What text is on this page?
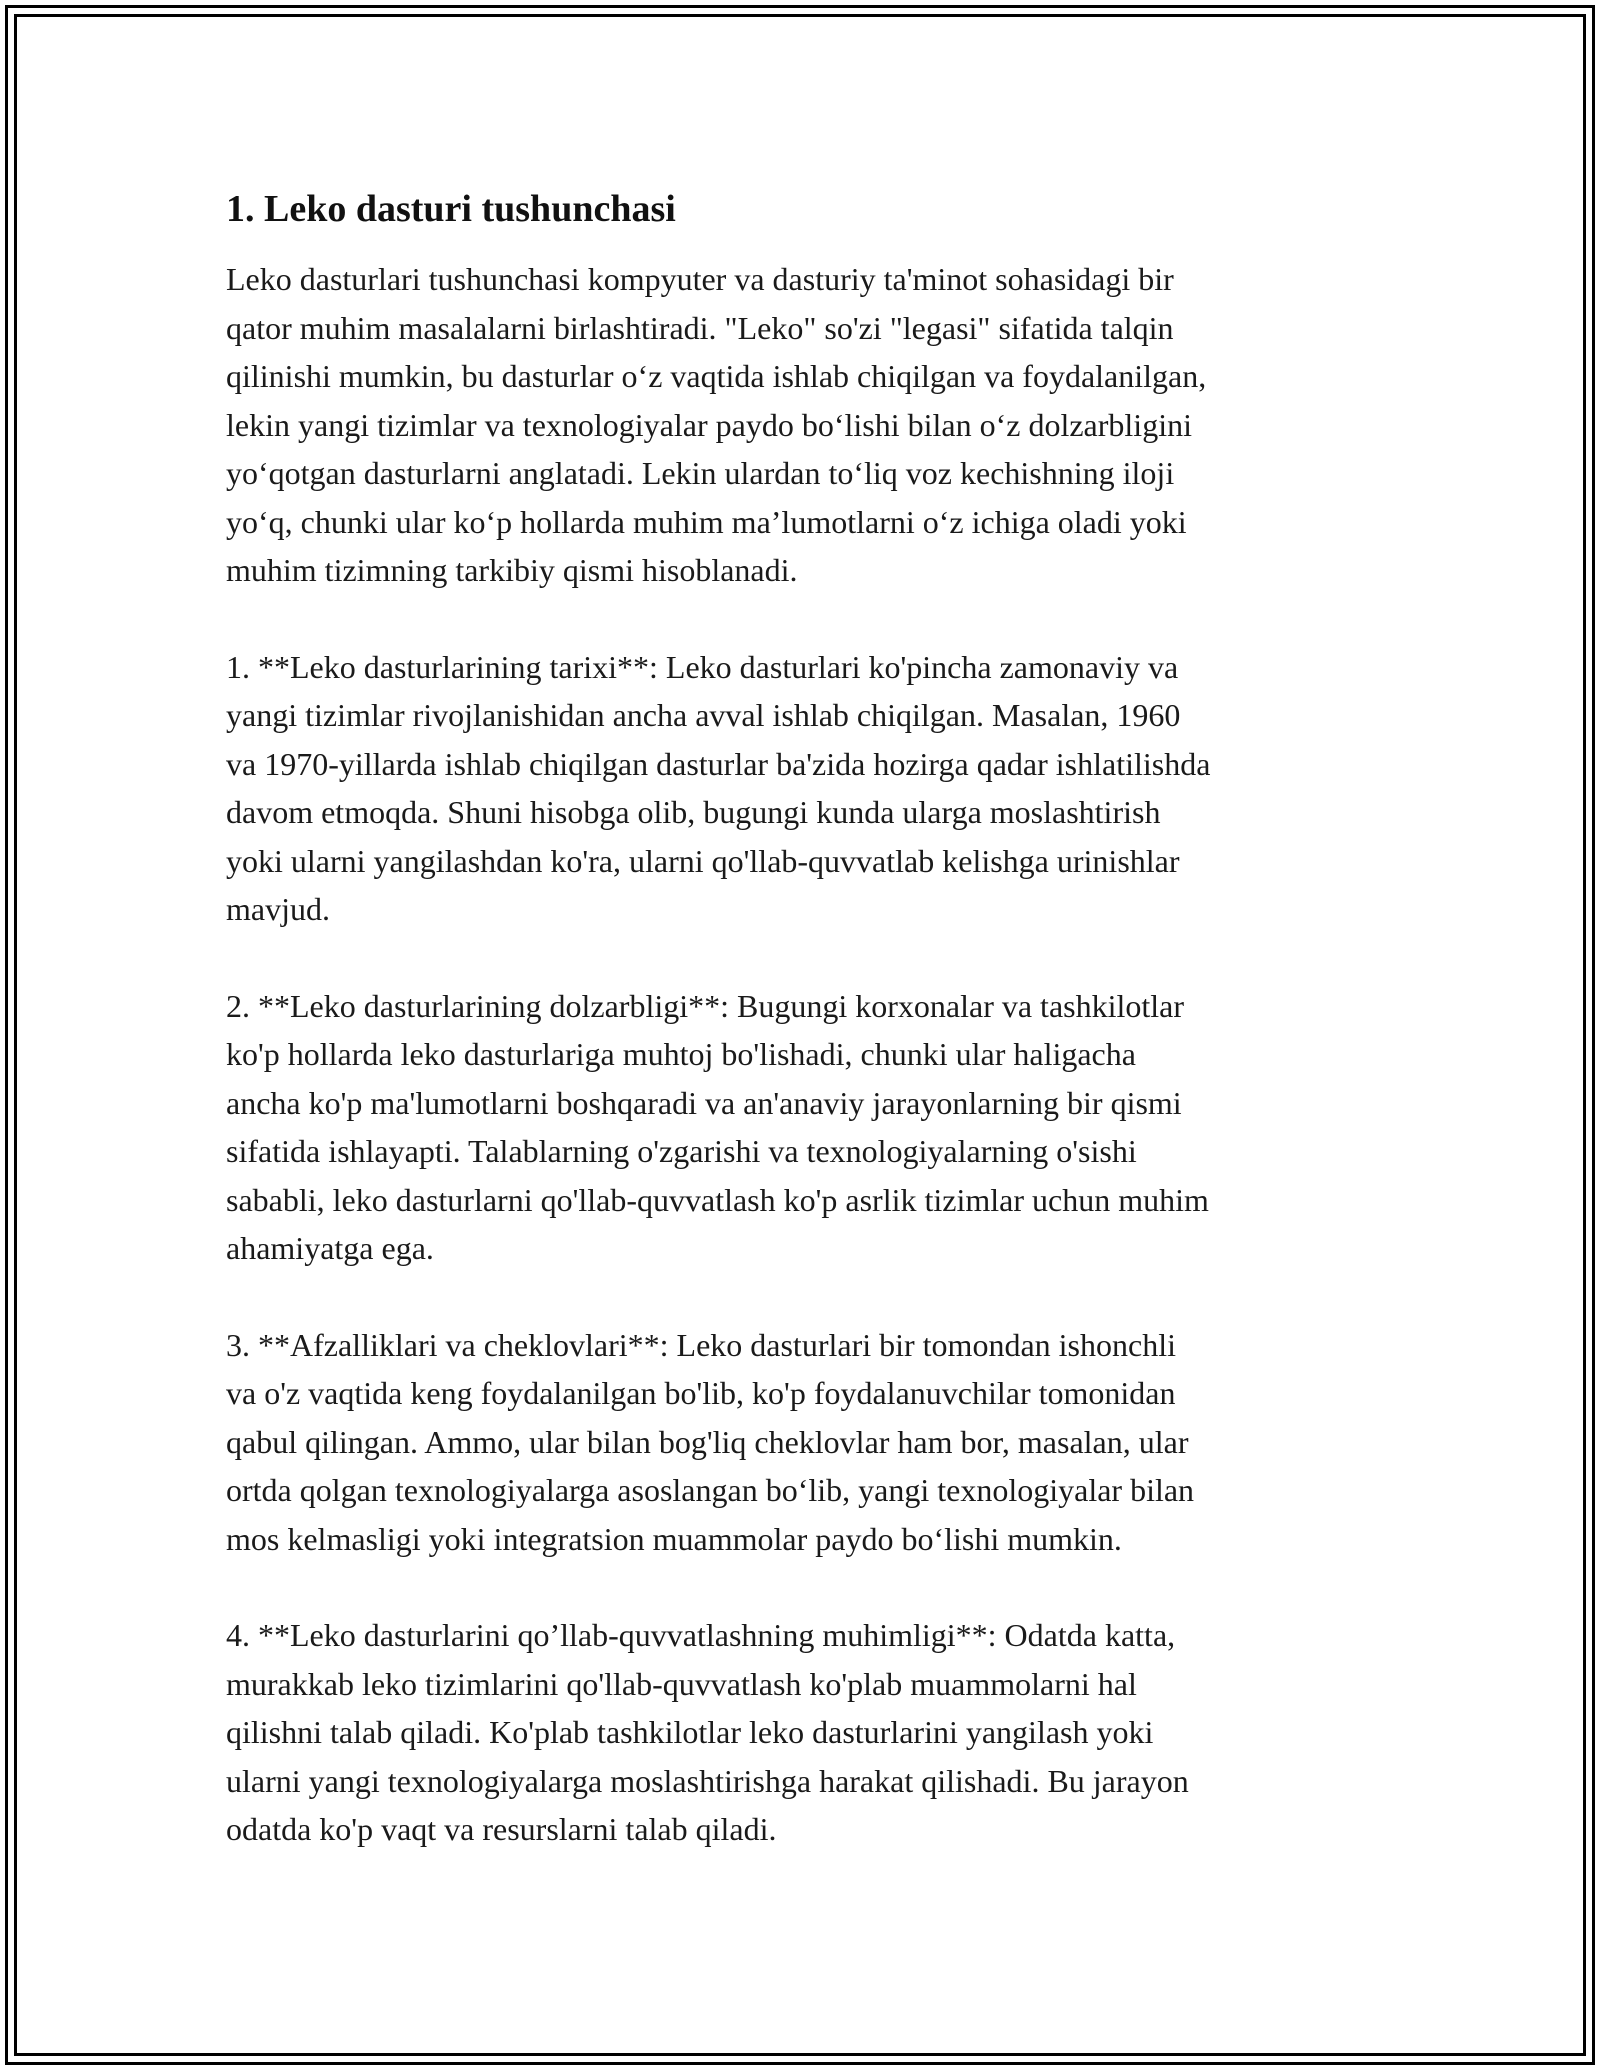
1. Leko dasturi tushunchasi
Leko dasturlari tushunchasi kompyuter va dasturiy ta'minot sohasidagi bir
qator muhim masalalarni birlashtiradi. "Leko" so'zi "legasi" sifatida talqin
qilinishi mumkin, bu dasturlar oʻz vaqtida ishlab chiqilgan va foydalanilgan,
lekin yangi tizimlar va texnologiyalar paydo boʻlishi bilan oʻz dolzarbligini
yoʻqotgan dasturlarni anglatadi. Lekin ulardan toʻliq voz kechishning iloji
yoʻq, chunki ular koʻp hollarda muhim ma’lumotlarni oʻz ichiga oladi yoki
muhim tizimning tarkibiy qismi hisoblanadi.
1. **Leko dasturlarining tarixi**: Leko dasturlari ko'pincha zamonaviy va
yangi tizimlar rivojlanishidan ancha avval ishlab chiqilgan. Masalan, 1960
va 1970-yillarda ishlab chiqilgan dasturlar ba'zida hozirga qadar ishlatilishda
davom etmoqda. Shuni hisobga olib, bugungi kunda ularga moslashtirish
yoki ularni yangilashdan ko'ra, ularni qo'llab-quvvatlab kelishga urinishlar
mavjud.
2. **Leko dasturlarining dolzarbligi**: Bugungi korxonalar va tashkilotlar
ko'p hollarda leko dasturlariga muhtoj bo'lishadi, chunki ular haligacha
ancha ko'p ma'lumotlarni boshqaradi va an'anaviy jarayonlarning bir qismi
sifatida ishlayapti. Talablarning o'zgarishi va texnologiyalarning o'sishi
sababli, leko dasturlarni qo'llab-quvvatlash ko'p asrlik tizimlar uchun muhim
ahamiyatga ega.
3. **Afzalliklari va cheklovlari**: Leko dasturlari bir tomondan ishonchli
va o'z vaqtida keng foydalanilgan bo'lib, ko'p foydalanuvchilar tomonidan
qabul qilingan. Ammo, ular bilan bog'liq cheklovlar ham bor, masalan, ular
ortda qolgan texnologiyalarga asoslangan boʻlib, yangi texnologiyalar bilan
mos kelmasligi yoki integratsion muammolar paydo boʻlishi mumkin.
4. **Leko dasturlarini qo’llab-quvvatlashning muhimligi**: Odatda katta,
murakkab leko tizimlarini qo'llab-quvvatlash ko'plab muammolarni hal
qilishni talab qiladi. Ko'plab tashkilotlar leko dasturlarini yangilash yoki
ularni yangi texnologiyalarga moslashtirishga harakat qilishadi. Bu jarayon
odatda ko'p vaqt va resurslarni talab qiladi.
